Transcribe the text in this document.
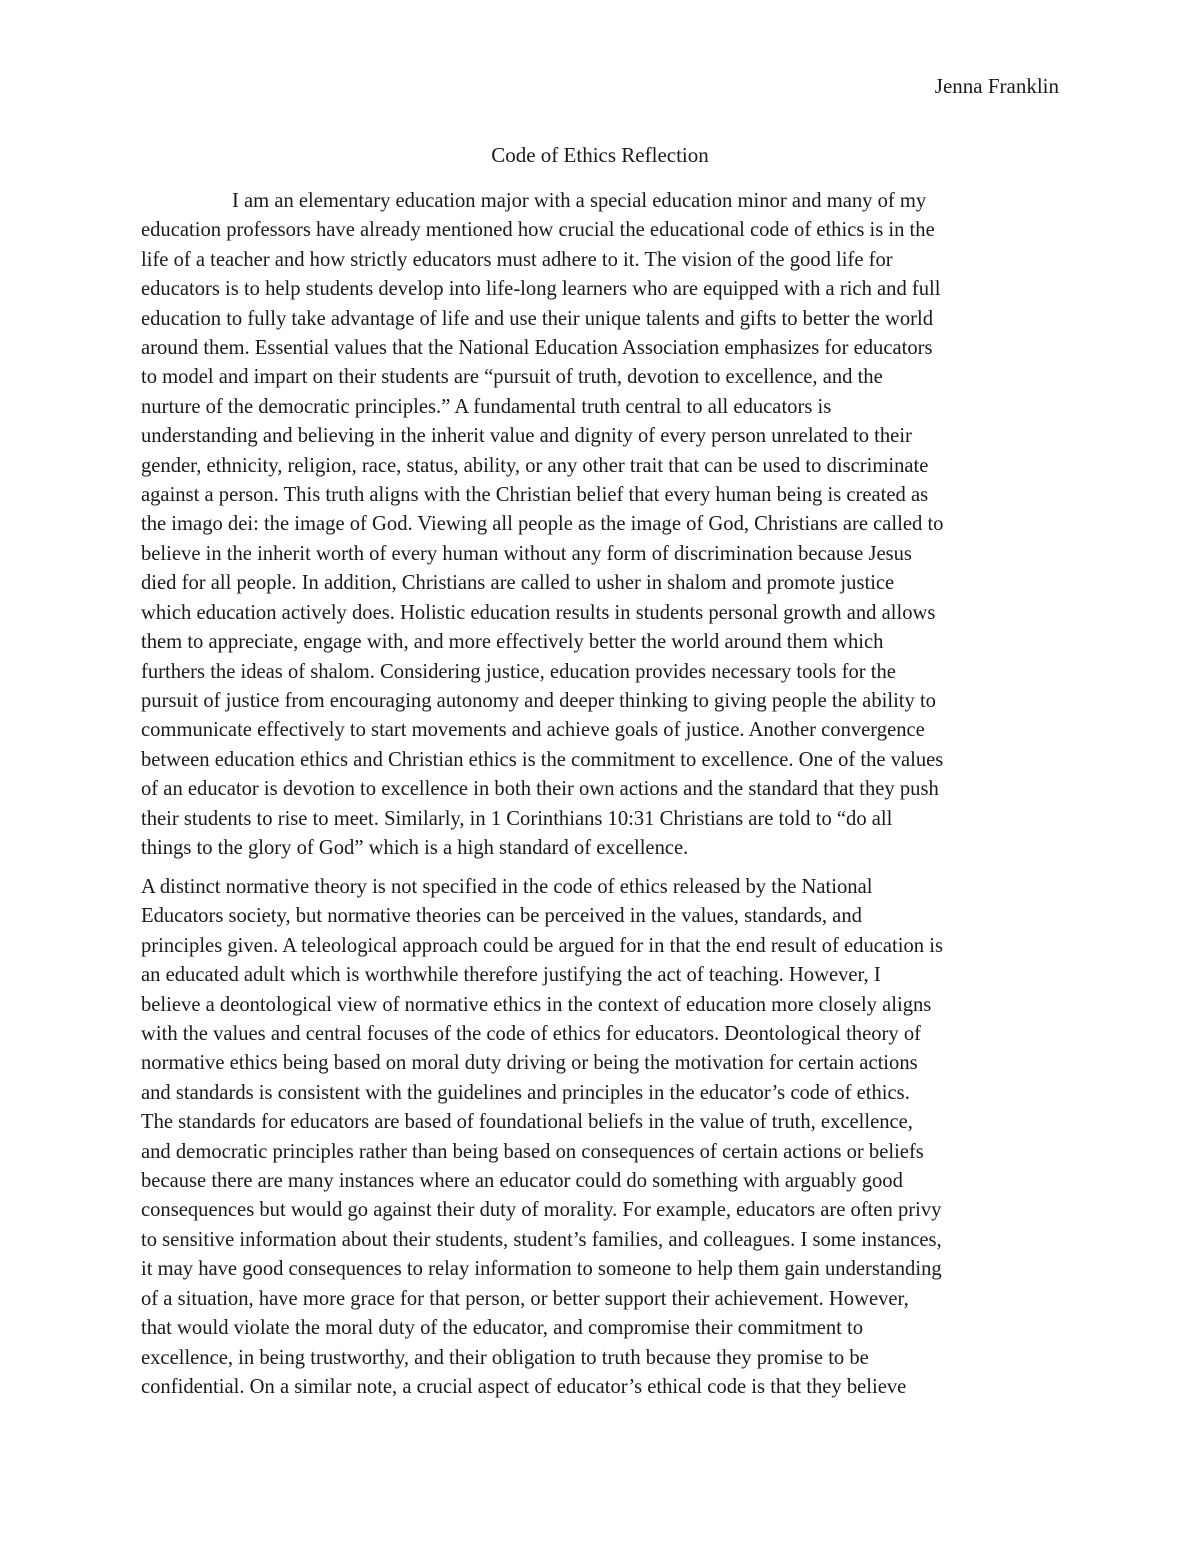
Jenna Franklin
Code of Ethics Reflection

I am an elementary education major with a special education minor and many of my
education professors have already mentioned how crucial the educational code of ethics is in the
life of a teacher and how strictly educators must adhere to it. The vision of the good life for
educators is to help students develop into life-long learners who are equipped with a rich and full
education to fully take advantage of life and use their unique talents and gifts to better the world
around them. Essential values that the National Education Association emphasizes for educators
to model and impart on their students are “pursuit of truth, devotion to excellence, and the
nurture of the democratic principles.” A fundamental truth central to all educators is
understanding and believing in the inherit value and dignity of every person unrelated to their
gender, ethnicity, religion, race, status, ability, or any other trait that can be used to discriminate
against a person. This truth aligns with the Christian belief that every human being is created as
the imago dei: the image of God. Viewing all people as the image of God, Christians are called to
believe in the inherit worth of every human without any form of discrimination because Jesus
died for all people. In addition, Christians are called to usher in shalom and promote justice
which education actively does. Holistic education results in students personal growth and allows
them to appreciate, engage with, and more effectively better the world around them which
furthers the ideas of shalom. Considering justice, education provides necessary tools for the
pursuit of justice from encouraging autonomy and deeper thinking to giving people the ability to
communicate effectively to start movements and achieve goals of justice. Another convergence
between education ethics and Christian ethics is the commitment to excellence. One of the values
of an educator is devotion to excellence in both their own actions and the standard that they push
their students to rise to meet. Similarly, in 1 Corinthians 10:31 Christians are told to “do all
things to the glory of God” which is a high standard of excellence.

A distinct normative theory is not specified in the code of ethics released by the National
Educators society, but normative theories can be perceived in the values, standards, and
principles given. A teleological approach could be argued for in that the end result of education is
an educated adult which is worthwhile therefore justifying the act of teaching. However, I
believe a deontological view of normative ethics in the context of education more closely aligns
with the values and central focuses of the code of ethics for educators. Deontological theory of
normative ethics being based on moral duty driving or being the motivation for certain actions
and standards is consistent with the guidelines and principles in the educator’s code of ethics.
The standards for educators are based of foundational beliefs in the value of truth, excellence,
and democratic principles rather than being based on consequences of certain actions or beliefs
because there are many instances where an educator could do something with arguably good
consequences but would go against their duty of morality. For example, educators are often privy
to sensitive information about their students, student’s families, and colleagues. I some instances,
it may have good consequences to relay information to someone to help them gain understanding
of a situation, have more grace for that person, or better support their achievement. However,
that would violate the moral duty of the educator, and compromise their commitment to
excellence, in being trustworthy, and their obligation to truth because they promise to be
confidential. On a similar note, a crucial aspect of educator’s ethical code is that they believe
